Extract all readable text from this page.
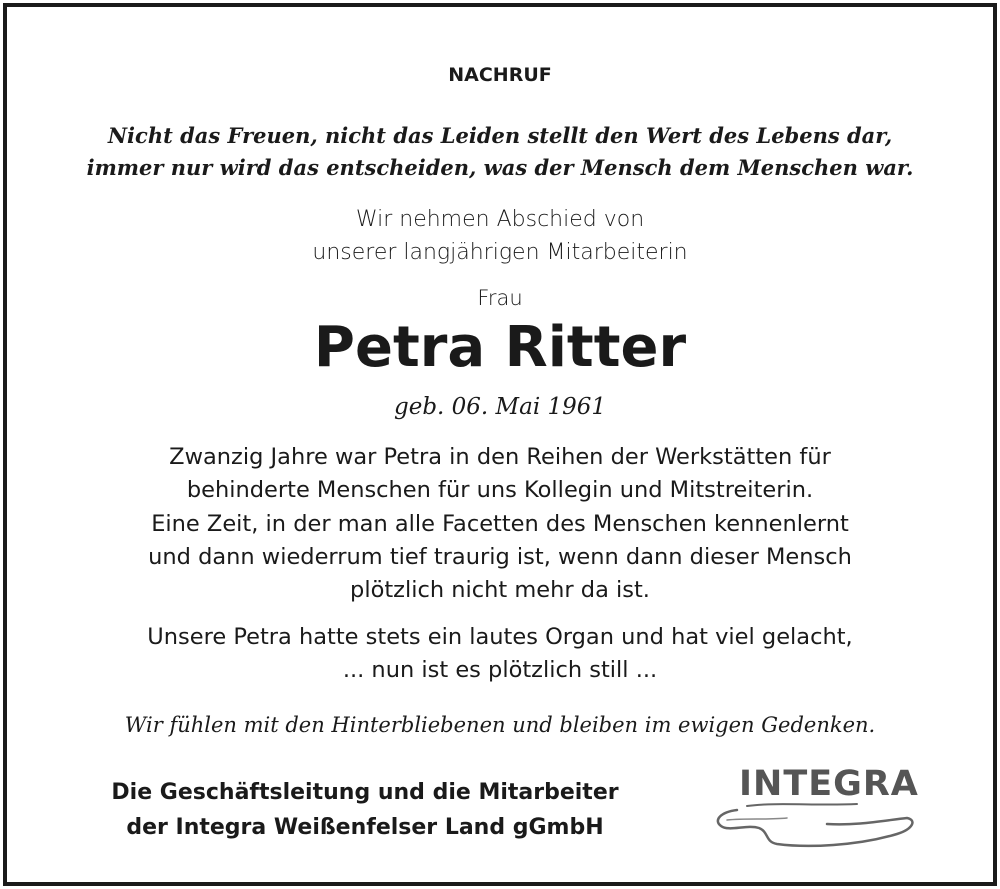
NACHRUF
Nicht das Freuen, nicht das Leiden stellt den Wert des Lebens dar,
immer nur wird das entscheiden, was der Mensch dem Menschen war.
Wir nehmen Abschied von
unserer langjährigen Mitarbeiterin
Frau
Petra Ritter
geb. 06. Mai 1961
Zwanzig Jahre war Petra in den Reihen der Werkstätten für
behinderte Menschen für uns Kollegin und Mitstreiterin.
Eine Zeit, in der man alle Facetten des Menschen kennenlernt
und dann wiederrum tief traurig ist, wenn dann dieser Mensch
plötzlich nicht mehr da ist.
Unsere Petra hatte stets ein lautes Organ und hat viel gelacht,
... nun ist es plötzlich still ...
Wir fühlen mit den Hinterbliebenen und bleiben im ewigen Gedenken.
Die Geschäftsleitung und die Mitarbeiter
der Integra Weißenfelser Land gGmbH
INTEGRA
